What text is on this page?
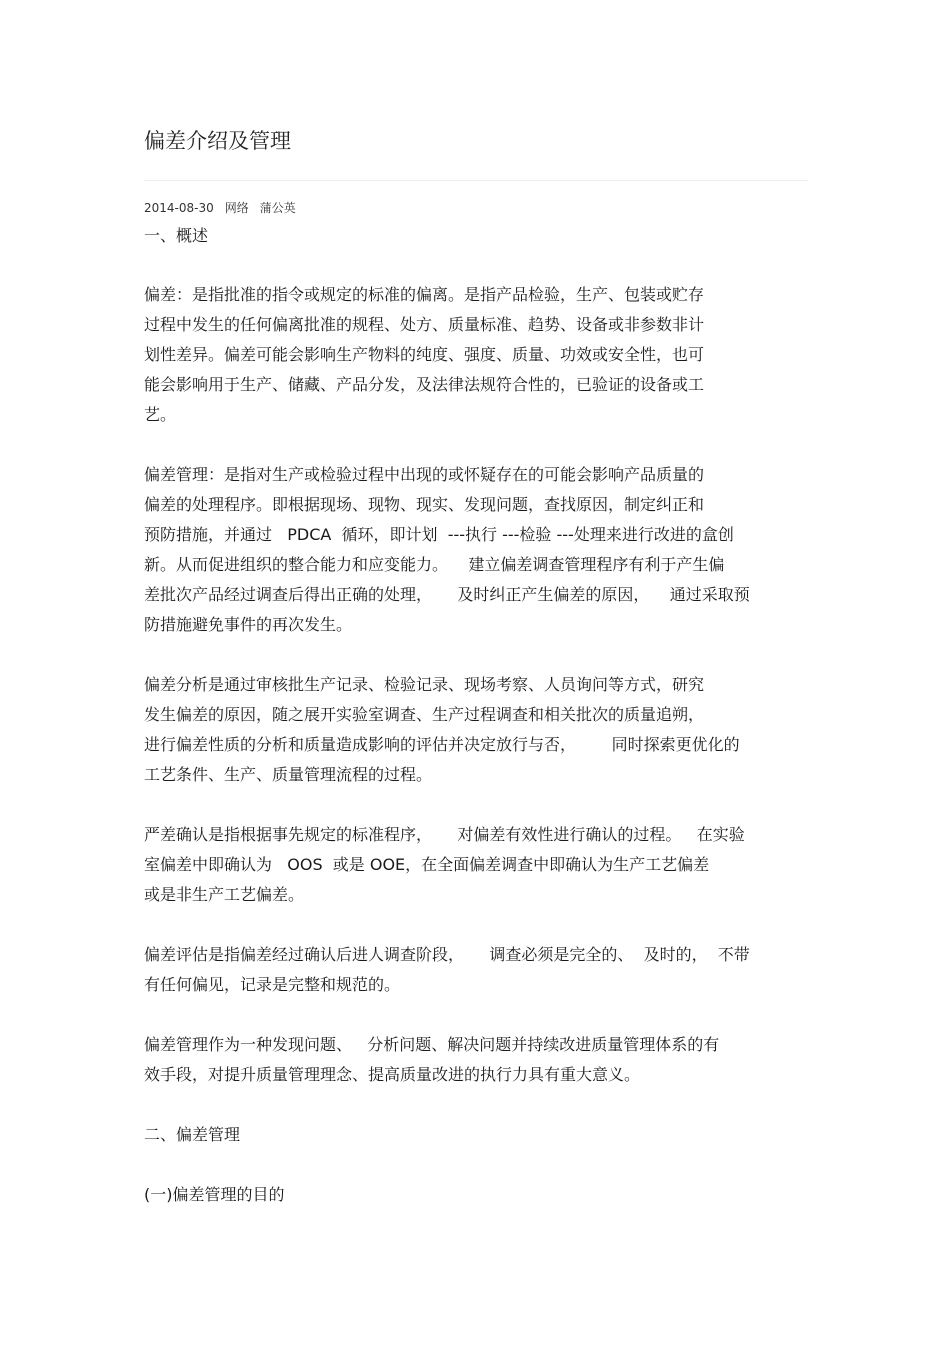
偏差介绍及管理
2014-08-30 网络 蒲公英
一、概述
偏差：是指批准的指令或规定的标准的偏离。是指产品检验，生产、包装或贮存
过程中发生的任何偏离批准的规程、处方、质量标准、趋势、设备或非参数非计
划性差异。偏差可能会影响生产物料的纯度、强度、质量、功效或安全性，也可
能会影响用于生产、储藏、产品分发，及法律法规符合性的，已验证的设备或工
艺。
偏差管理：是指对生产或检验过程中出现的或怀疑存在的可能会影响产品质量的
偏差的处理程序。即根据现场、现物、现实、发现问题，查找原因，制定纠正和
预防措施，并通过   PDCA  循环，即计划  ---执行 ---检验 ---处理来进行改进的盒创
新。从而促进组织的整合能力和应变能力。    建立偏差调查管理程序有利于产生偏
差批次产品经过调查后得出正确的处理，     及时纠正产生偏差的原因，    通过采取预
防措施避免事件的再次发生。
偏差分析是通过审核批生产记录、检验记录、现场考察、人员询问等方式，研究
发生偏差的原因，随之展开实验室调查、生产过程调查和相关批次的质量追朔，
进行偏差性质的分析和质量造成影响的评估并决定放行与否，       同时探索更优化的
工艺条件、生产、质量管理流程的过程。
严差确认是指根据事先规定的标准程序，     对偏差有效性进行确认的过程。   在实验
室偏差中即确认为   OOS  或是 OOE，在全面偏差调查中即确认为生产工艺偏差
或是非生产工艺偏差。
偏差评估是指偏差经过确认后进人调查阶段，     调查必须是完全的、  及时的，  不带
有任何偏见，记录是完整和规范的。
偏差管理作为一种发现问题、   分析问题、解决问题并持续改进质量管理体系的有
效手段，对提升质量管理理念、提高质量改进的执行力具有重大意义。
二、偏差管理
(一)偏差管理的目的
